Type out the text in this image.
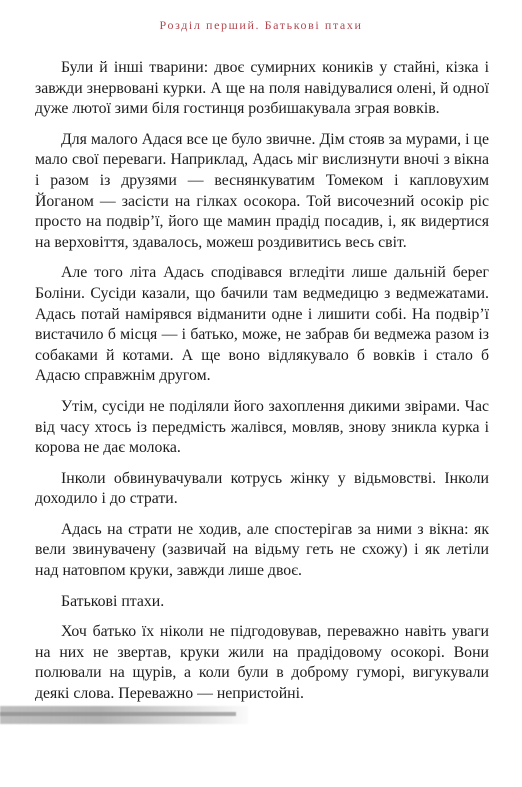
Розділ перший. Батькові птахи

Були й інші тварини: двоє сумирних коників у стайні, кізка і завжди знервовані курки. А ще на поля навідувалися олені, й одної дуже лютої зими біля гостинця розбишакувала зграя вовків.

Для малого Адася все це було звичне. Дім стояв за мурами, і це мало свої переваги. Наприклад, Адась міг вислизнути вночі з вікна і разом із друзями — веснянкуватим Томеком і капловухим Йоганом — засісти на гілках осокора. Той височезний осокір ріс просто на подвір’ї, його ще мамин прадід посадив, і, як видертися на верховіття, здавалось, можеш роздивитись весь світ.

Але того літа Адась сподівався вгледіти лише дальній берег Боліни. Сусіди казали, що бачили там ведмедицю з ведмежатами. Адась потай намірявся відманити одне і лишити собі. На подвір’ї вистачило б місця — і батько, може, не забрав би ведмежа разом із собаками й котами. А ще воно відлякувало б вовків і стало б Адасю справжнім другом.

Утім, сусіди не поділяли його захоплення дикими звірами. Час від часу хтось із передмість жалівся, мовляв, знову зникла курка і корова не дає молока.

Інколи обвинувачували котрусь жінку у відьмовстві. Інколи доходило і до страти.

Адась на страти не ходив, але спостерігав за ними з вікна: як вели звинувачену (зазвичай на відьму геть не схожу) і як летіли над натовпом круки, завжди лише двоє.

Батькові птахи.

Хоч батько їх ніколи не підгодовував, переважно навіть уваги на них не звертав, круки жили на прадідовому осокорі. Вони полювали на щурів, а коли були в доброму гуморі, вигукували деякі слова. Переважно — непристойні.
